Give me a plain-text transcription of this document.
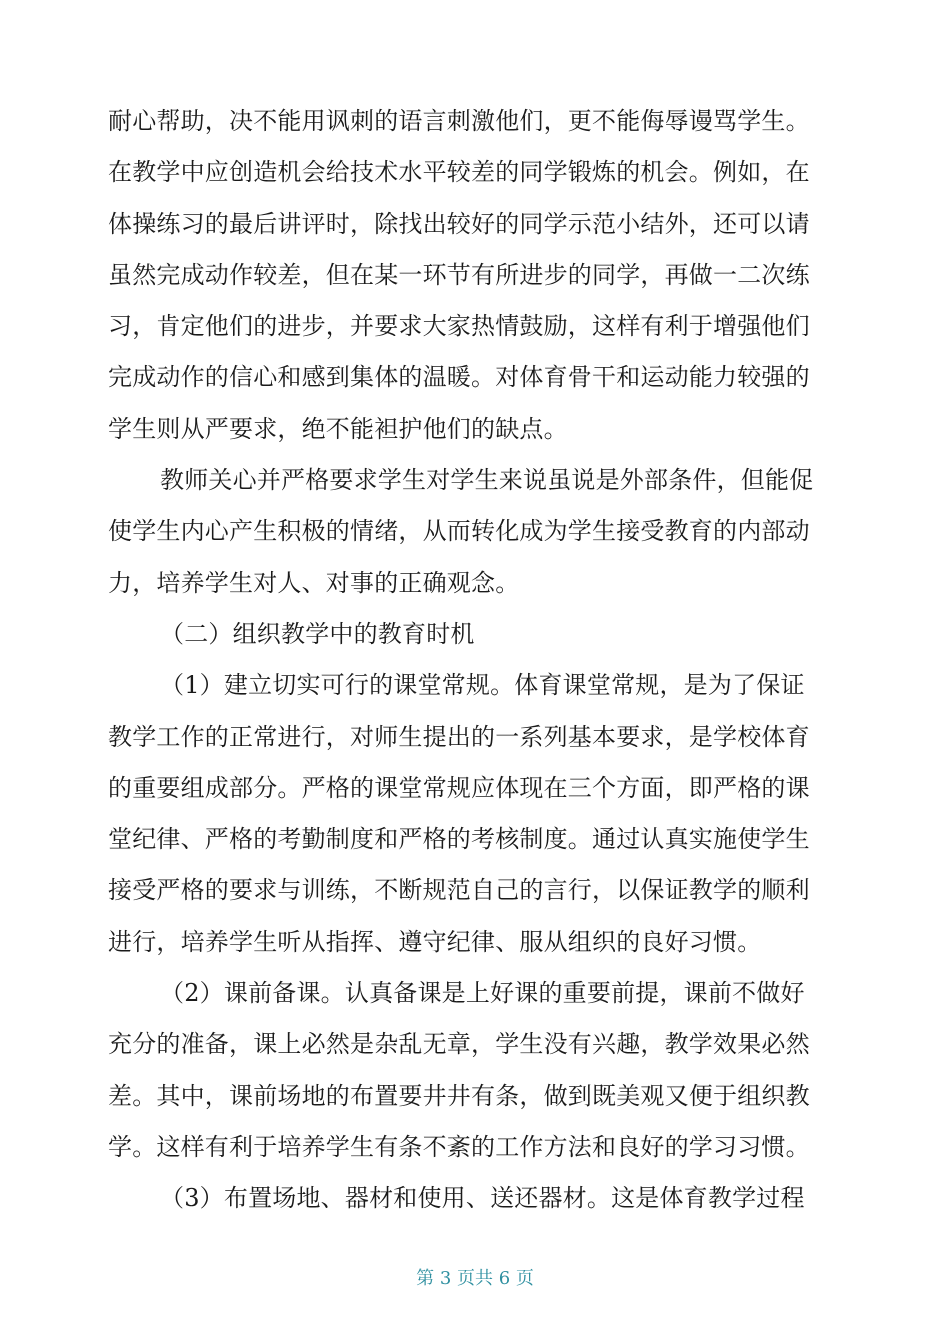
耐心帮助，决不能用讽刺的语言刺激他们，更不能侮辱谩骂学生。
在教学中应创造机会给技术水平较差的同学锻炼的机会。例如，在
体操练习的最后讲评时，除找出较好的同学示范小结外，还可以请
虽然完成动作较差，但在某一环节有所进步的同学，再做一二次练
习，肯定他们的进步，并要求大家热情鼓励，这样有利于增强他们
完成动作的信心和感到集体的温暖。对体育骨干和运动能力较强的
学生则从严要求，绝不能袒护他们的缺点。
教师关心并严格要求学生对学生来说虽说是外部条件，但能促
使学生内心产生积极的情绪，从而转化成为学生接受教育的内部动
力，培养学生对人、对事的正确观念。
（二）组织教学中的教育时机
（1）建立切实可行的课堂常规。体育课堂常规，是为了保证
教学工作的正常进行，对师生提出的一系列基本要求，是学校体育
的重要组成部分。严格的课堂常规应体现在三个方面，即严格的课
堂纪律、严格的考勤制度和严格的考核制度。通过认真实施使学生
接受严格的要求与训练，不断规范自己的言行，以保证教学的顺利
进行，培养学生听从指挥、遵守纪律、服从组织的良好习惯。
（2）课前备课。认真备课是上好课的重要前提，课前不做好
充分的准备，课上必然是杂乱无章，学生没有兴趣，教学效果必然
差。其中，课前场地的布置要井井有条，做到既美观又便于组织教
学。这样有利于培养学生有条不紊的工作方法和良好的学习习惯。
（3）布置场地、器材和使用、送还器材。这是体育教学过程
第 3 页共 6 页
